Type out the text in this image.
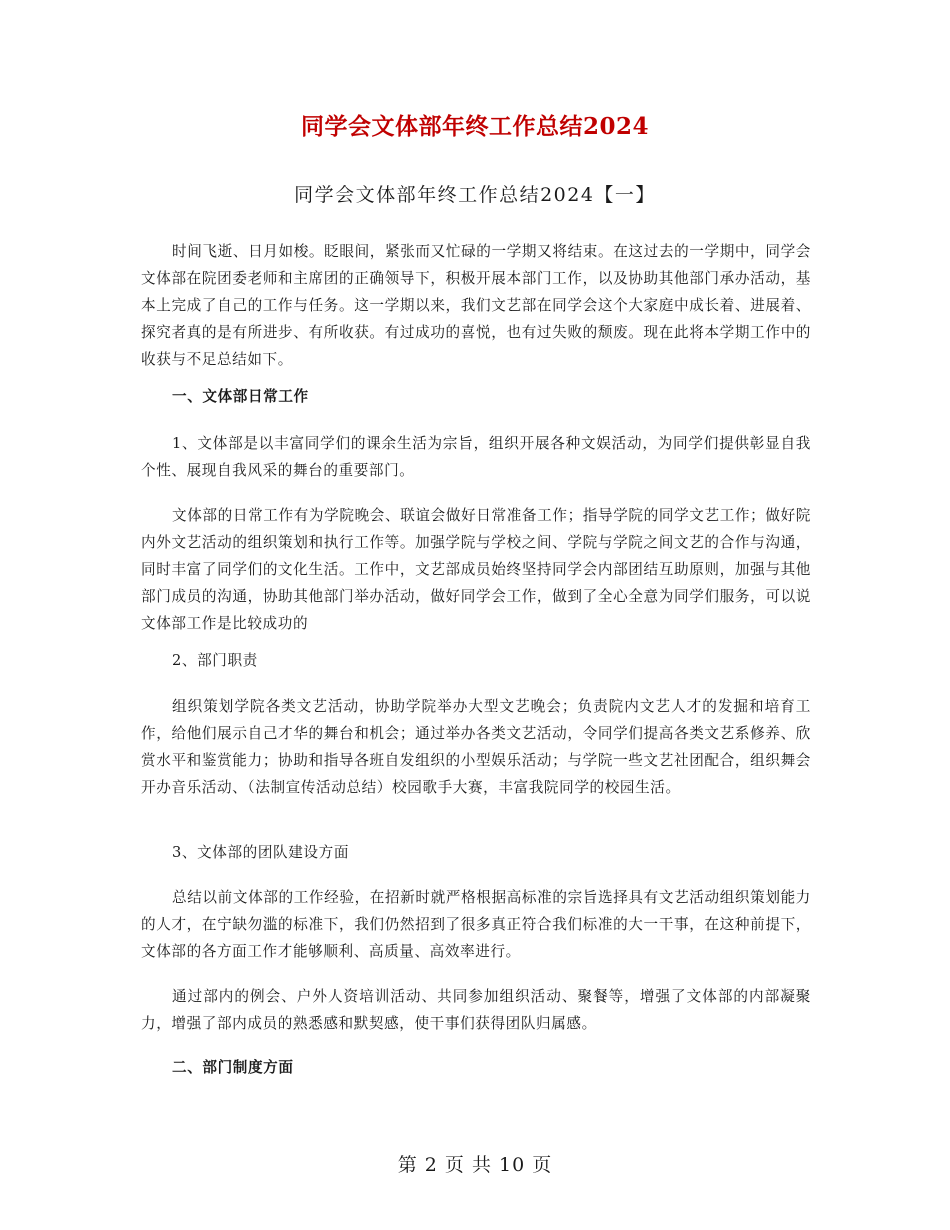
同学会文体部年终工作总结2024
同学会文体部年终工作总结2024【一】
时间飞逝、日月如梭。眨眼间，紧张而又忙碌的一学期又将结束。在这过去的一学期中，同学会文体部在院团委老师和主席团的正确领导下，积极开展本部门工作，以及协助其他部门承办活动，基本上完成了自己的工作与任务。这一学期以来，我们文艺部在同学会这个大家庭中成长着、进展着、探究者真的是有所进步、有所收获。有过成功的喜悦，也有过失败的颓废。现在此将本学期工作中的收获与不足总结如下。
一、文体部日常工作
1、文体部是以丰富同学们的课余生活为宗旨，组织开展各种文娱活动，为同学们提供彰显自我个性、展现自我风采的舞台的重要部门。
文体部的日常工作有为学院晚会、联谊会做好日常准备工作；指导学院的同学文艺工作；做好院内外文艺活动的组织策划和执行工作等。加强学院与学校之间、学院与学院之间文艺的合作与沟通，同时丰富了同学们的文化生活。工作中，文艺部成员始终坚持同学会内部团结互助原则，加强与其他部门成员的沟通，协助其他部门举办活动，做好同学会工作，做到了全心全意为同学们服务，可以说文体部工作是比较成功的
2、部门职责
组织策划学院各类文艺活动，协助学院举办大型文艺晚会；负责院内文艺人才的发掘和培育工作，给他们展示自己才华的舞台和机会；通过举办各类文艺活动，令同学们提高各类文艺系修养、欣赏水平和鉴赏能力；协助和指导各班自发组织的小型娱乐活动；与学院一些文艺社团配合，组织舞会开办音乐活动、（法制宣传活动总结）校园歌手大赛，丰富我院同学的校园生活。
3、文体部的团队建设方面
总结以前文体部的工作经验，在招新时就严格根据高标准的宗旨选择具有文艺活动组织策划能力的人才，在宁缺勿滥的标准下，我们仍然招到了很多真正符合我们标准的大一干事，在这种前提下，文体部的各方面工作才能够顺利、高质量、高效率进行。
通过部内的例会、户外人资培训活动、共同参加组织活动、聚餐等，增强了文体部的内部凝聚力，增强了部内成员的熟悉感和默契感，使干事们获得团队归属感。
二、部门制度方面
第 2 页 共 10 页
